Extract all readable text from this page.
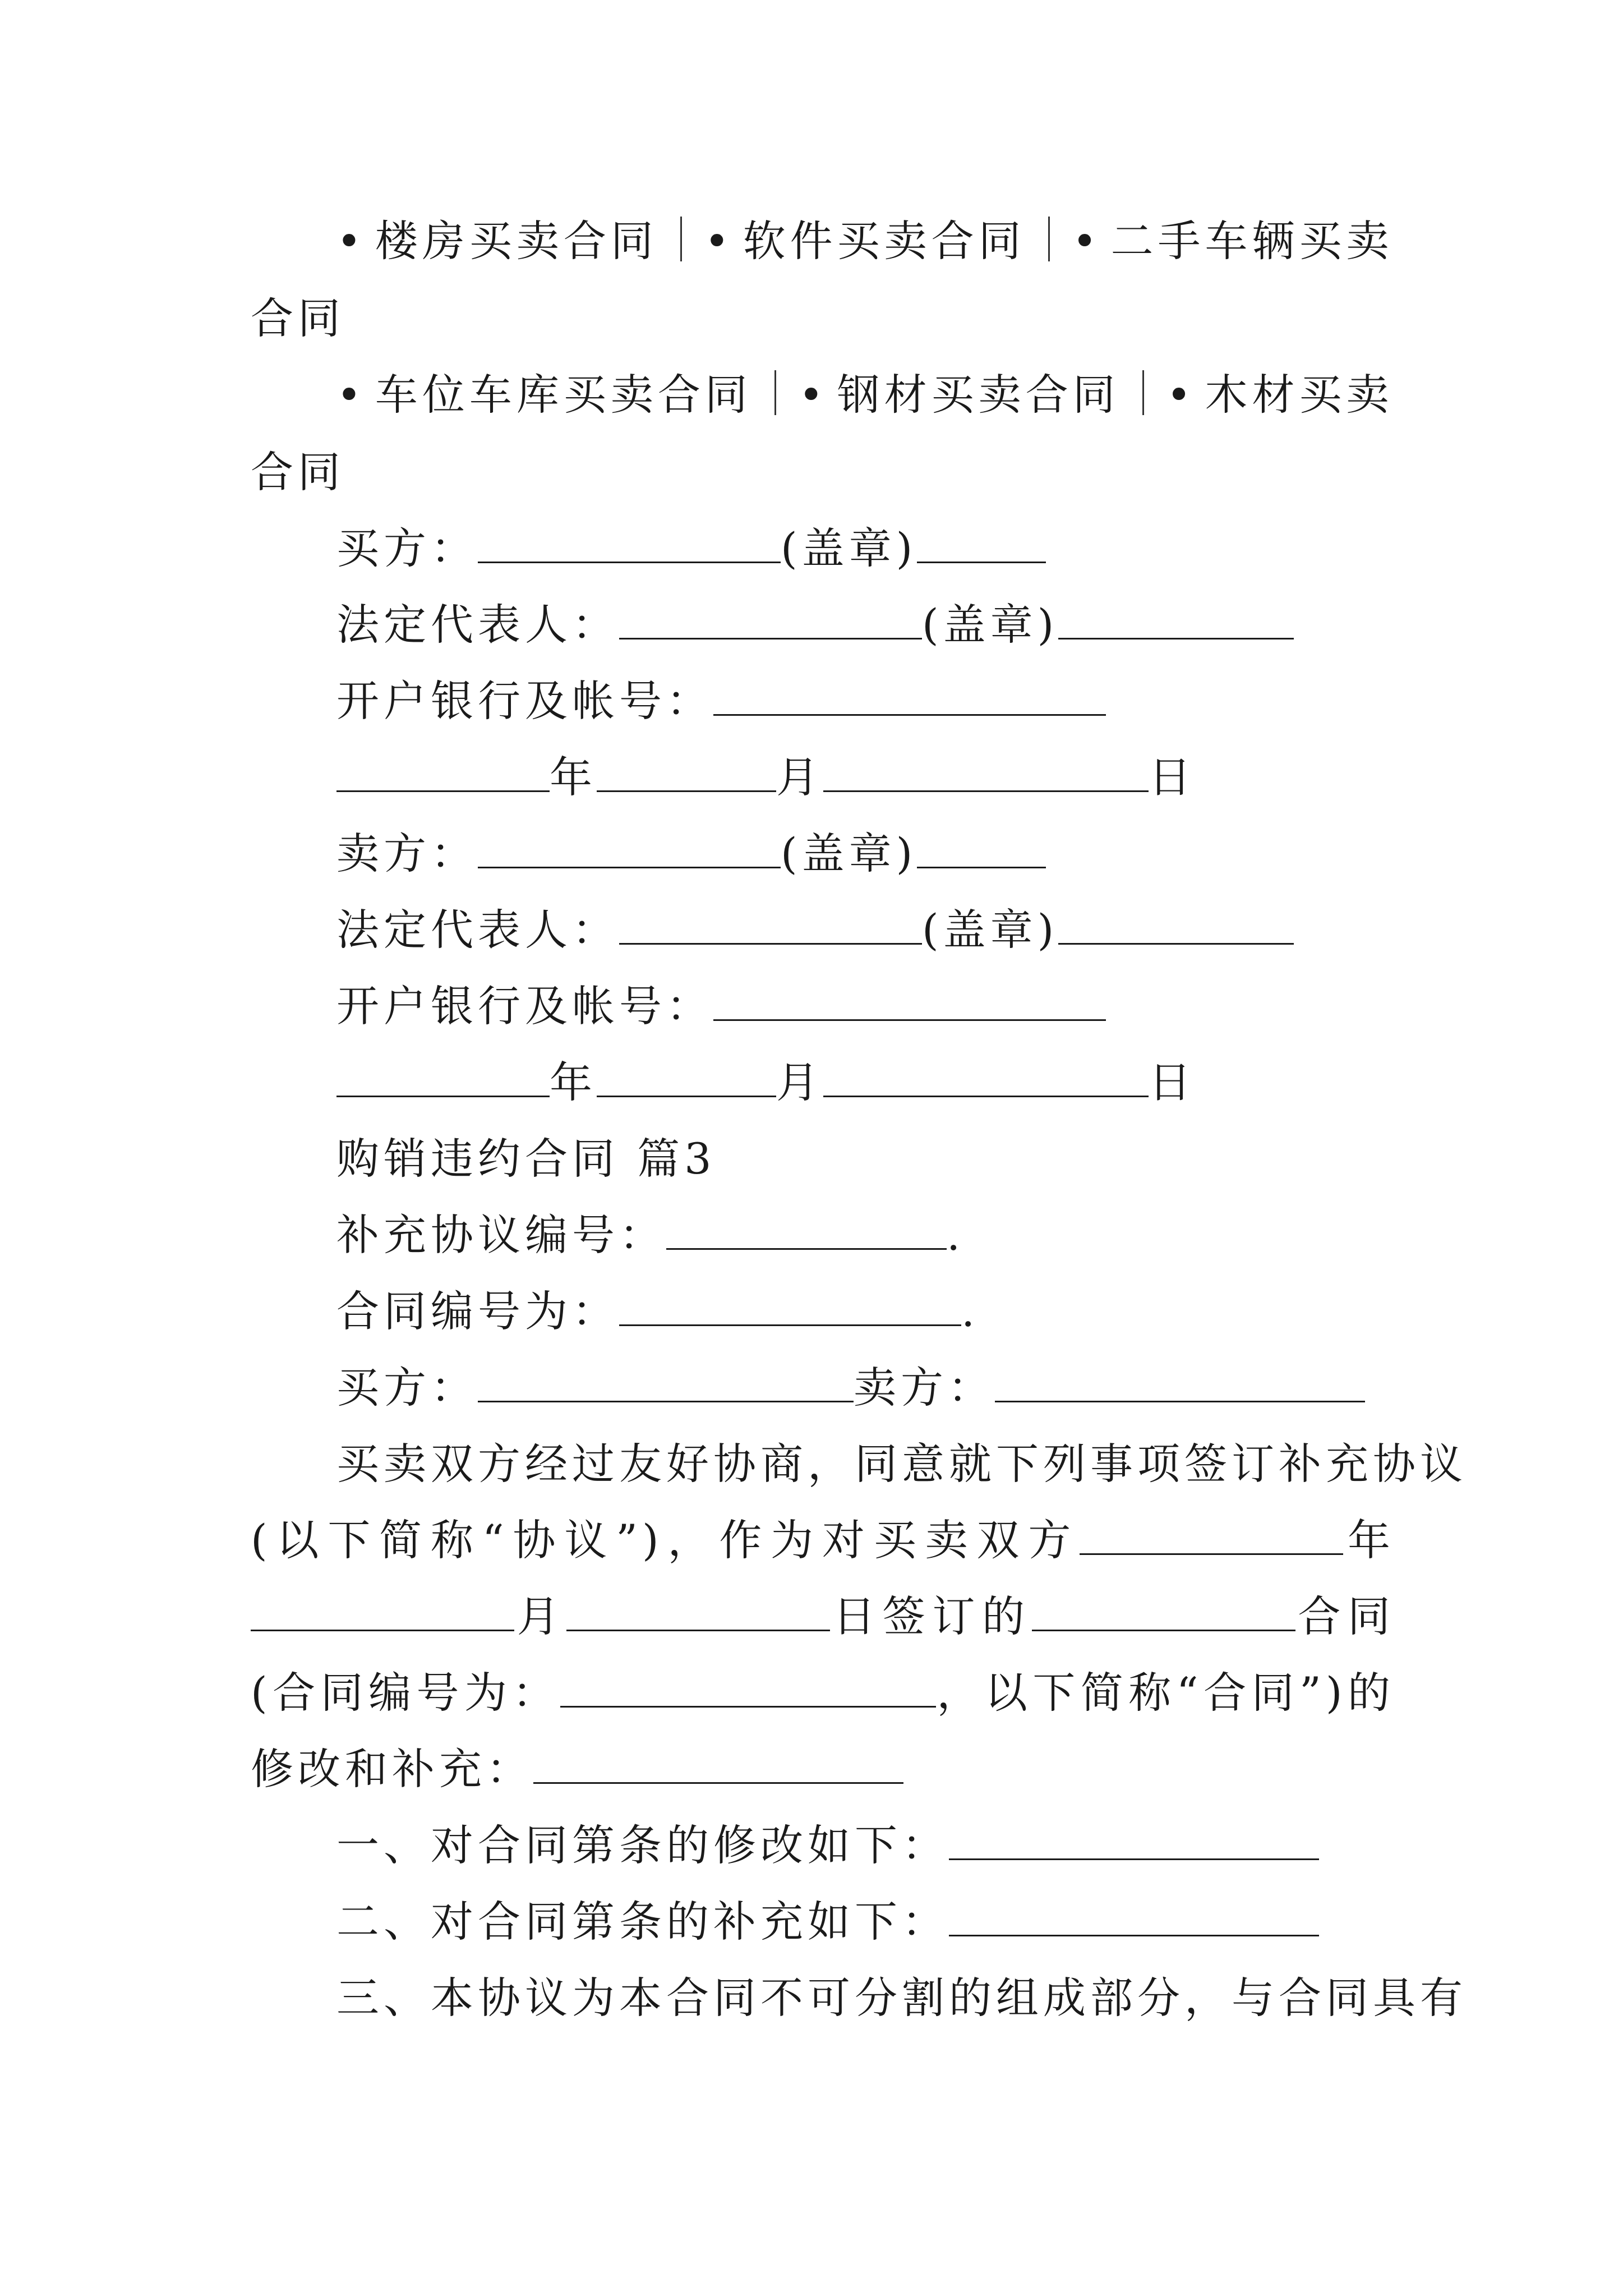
• 楼房买卖合同 • 软件买卖合同 • 二手车辆买卖
合同
• 车位车库买卖合同 • 钢材买卖合同 • 木材买卖
合同
买方：	(盖章)
法定代表人：	(盖章)
开户银行及帐号：
年	月	日
卖方：	(盖章)
法定代表人：	(盖章)
开户银行及帐号：
年	月	日
购销违约合同 篇3
补充协议编号：	.
合同编号为：	.
买方：	卖方：
买卖双方经过友好协商，同意就下列事项签订补充协议
(以下简称“协议”)，作为对买卖双方	年
月	日签订的	合同
(合同编号为：	，以下简称“合同”)的
修改和补充：
一、对合同第条的修改如下：
二、对合同第条的补充如下：
三、本协议为本合同不可分割的组成部分，与合同具有
